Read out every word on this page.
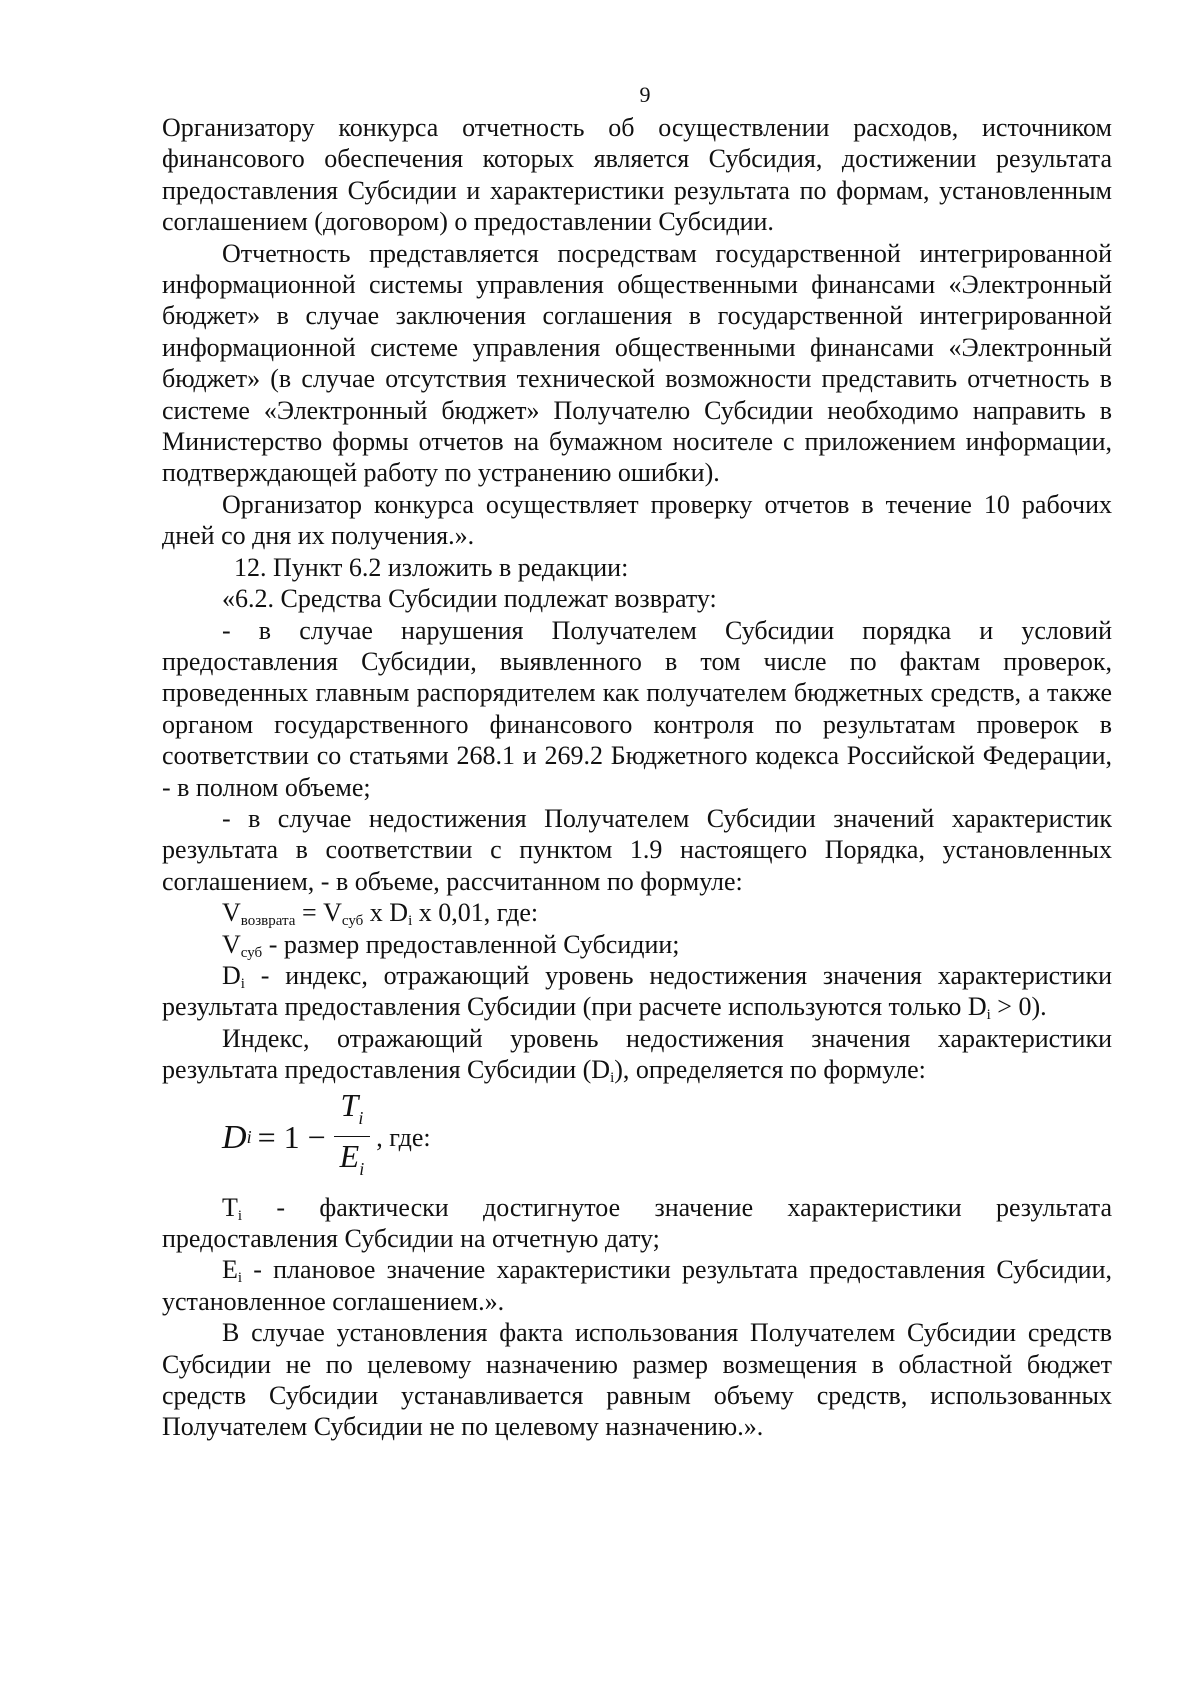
9

Организатору конкурса отчетность об осуществлении расходов, источником финансового обеспечения которых является Субсидия, достижении результата предоставления Субсидии и характеристики результата по формам, установленным соглашением (договором) о предоставлении Субсидии.

Отчетность представляется посредствам государственной интегрированной информационной системы управления общественными финансами «Электронный бюджет» в случае заключения соглашения в государственной интегрированной информационной системе управления общественными финансами «Электронный бюджет» (в случае отсутствия технической возможности представить отчетность в системе «Электронный бюджет» Получателю Субсидии необходимо направить в Министерство формы отчетов на бумажном носителе с приложением информации, подтверждающей работу по устранению ошибки).

Организатор конкурса осуществляет проверку отчетов в течение 10 рабочих дней со дня их получения.».

12. Пункт 6.2 изложить в редакции:

«6.2. Средства Субсидии подлежат возврату:

- в случае нарушения Получателем Субсидии порядка и условий предоставления Субсидии, выявленного в том числе по фактам проверок, проведенных главным распорядителем как получателем бюджетных средств, а также органом государственного финансового контроля по результатам проверок в соответствии со статьями 268.1 и 269.2 Бюджетного кодекса Российской Федерации, - в полном объеме;

- в случае недостижения Получателем Субсидии значений характеристик результата в соответствии с пунктом 1.9 настоящего Порядка, установленных соглашением, - в объеме, рассчитанном по формуле:

$V_{возврата} = V_{суб}$ x $D_i$ x 0,01, где:

$V_{суб}$ - размер предоставленной Субсидии;

$D_i$ - индекс, отражающий уровень недостижения значения характеристики результата предоставления Субсидии (при расчете используются только $D_i > 0$).

Индекс, отражающий уровень недостижения значения характеристики результата предоставления Субсидии $(D_i)$, определяется по формуле:

D $i = 1 - \frac{T_i}{E_i}$ , где:

$T_i$ - фактически достигнутое значение характеристики результата предоставления Субсидии на отчетную дату;

$E_i$ - плановое значение характеристики результата предоставления Субсидии, установленное соглашением.».

В случае установления факта использования Получателем Субсидии средств Субсидии не по целевому назначению размер возмещения в областной бюджет средств Субсидии устанавливается равным объему средств, использованных Получателем Субсидии не по целевому назначению.».
